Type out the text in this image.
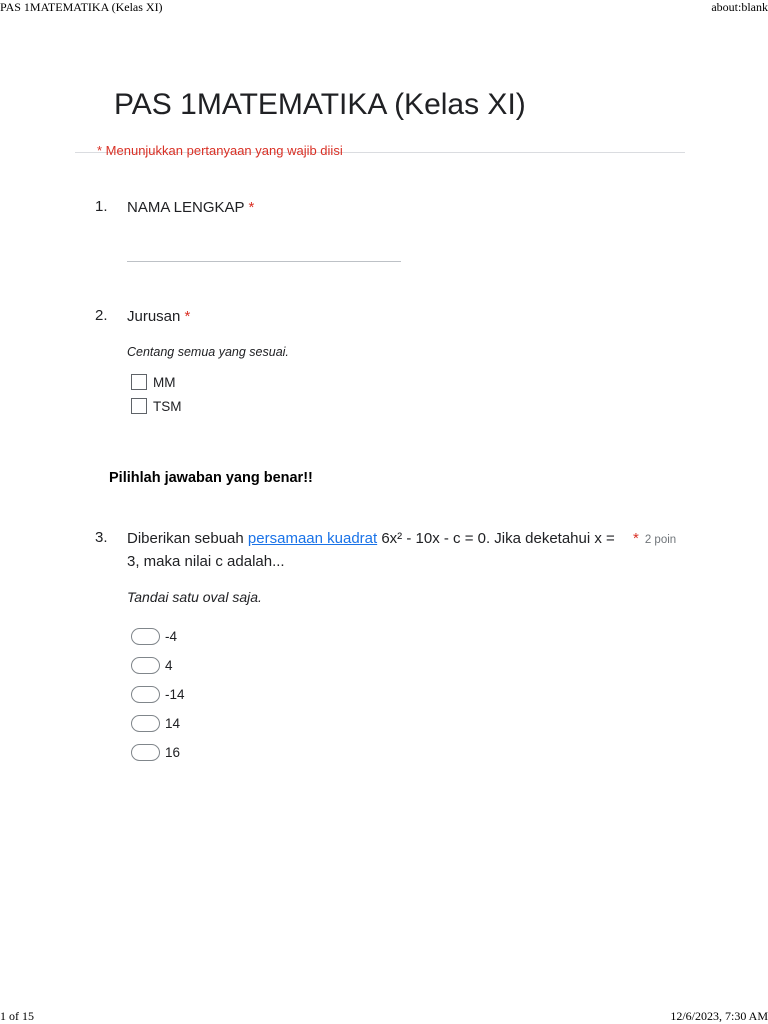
PAS 1MATEMATIKA (Kelas XI)	about:blank
1 of 15	12/6/2023, 7:30 AM
PAS 1MATEMATIKA (Kelas XI)
* Menunjukkan pertanyaan yang wajib diisi
1. NAMA LENGKAP *
2. Jurusan *
Centang semua yang sesuai.
MM
TSM
Pilihlah jawaban yang benar!!
3. Diberikan sebuah persamaan kuadrat 6x² - 10x - c = 0. Jika deketahui x = 3, maka nilai c adalah...
* 2 poin
Tandai satu oval saja.
-4
4
-14
14
16
